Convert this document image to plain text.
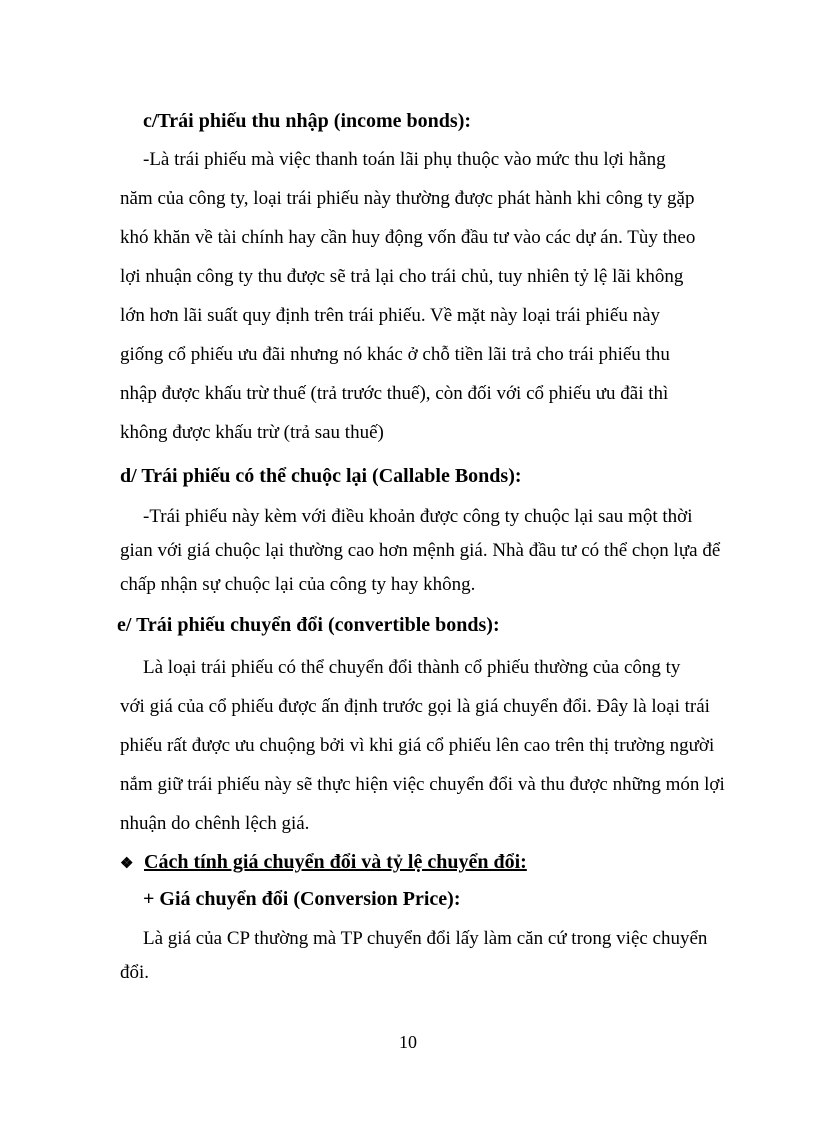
c/Trái phiếu thu nhập (income bonds):
-Là trái phiếu mà việc thanh toán lãi phụ thuộc vào mức thu lợi hằng
năm của công ty, loại trái phiếu này thường được phát hành khi công ty gặp
khó khăn về tài chính hay cần huy động vốn đầu tư vào các dự án. Tùy theo
lợi nhuận công ty thu được sẽ trả lại cho trái chủ, tuy nhiên tỷ lệ lãi không
lớn hơn lãi suất quy định trên trái phiếu. Về mặt này loại trái phiếu này
giống cổ phiếu ưu đãi nhưng nó khác ở chỗ tiền lãi trả cho trái phiếu thu
nhập được khấu trừ thuế (trả trước thuế), còn đối với cổ phiếu ưu đãi thì
không được khấu trừ (trả sau thuế)
d/ Trái phiếu có thể chuộc lại (Callable Bonds):
-Trái phiếu này kèm với điều khoản được công ty chuộc lại sau một thời
gian với giá chuộc lại thường cao hơn mệnh giá. Nhà đầu tư có thể chọn lựa để
chấp nhận sự chuộc lại của công ty hay không.
e/ Trái phiếu chuyển đổi (convertible bonds):
Là loại trái phiếu có thể chuyển đổi thành cổ phiếu thường của công ty
với giá của cổ phiếu được ấn định trước gọi là giá chuyển đổi. Đây là loại trái
phiếu rất được ưu chuộng bởi vì khi giá cổ phiếu lên cao trên thị trường người
nắm giữ trái phiếu này sẽ thực hiện việc chuyển đổi và thu được những món lợi
nhuận do chênh lệch giá.
❖ Cách tính giá chuyển đổi và tỷ lệ chuyển đổi:
+ Giá chuyển đổi (Conversion Price):
Là giá của CP thường mà TP chuyển đổi lấy làm căn cứ trong việc chuyển
đổi.
10
